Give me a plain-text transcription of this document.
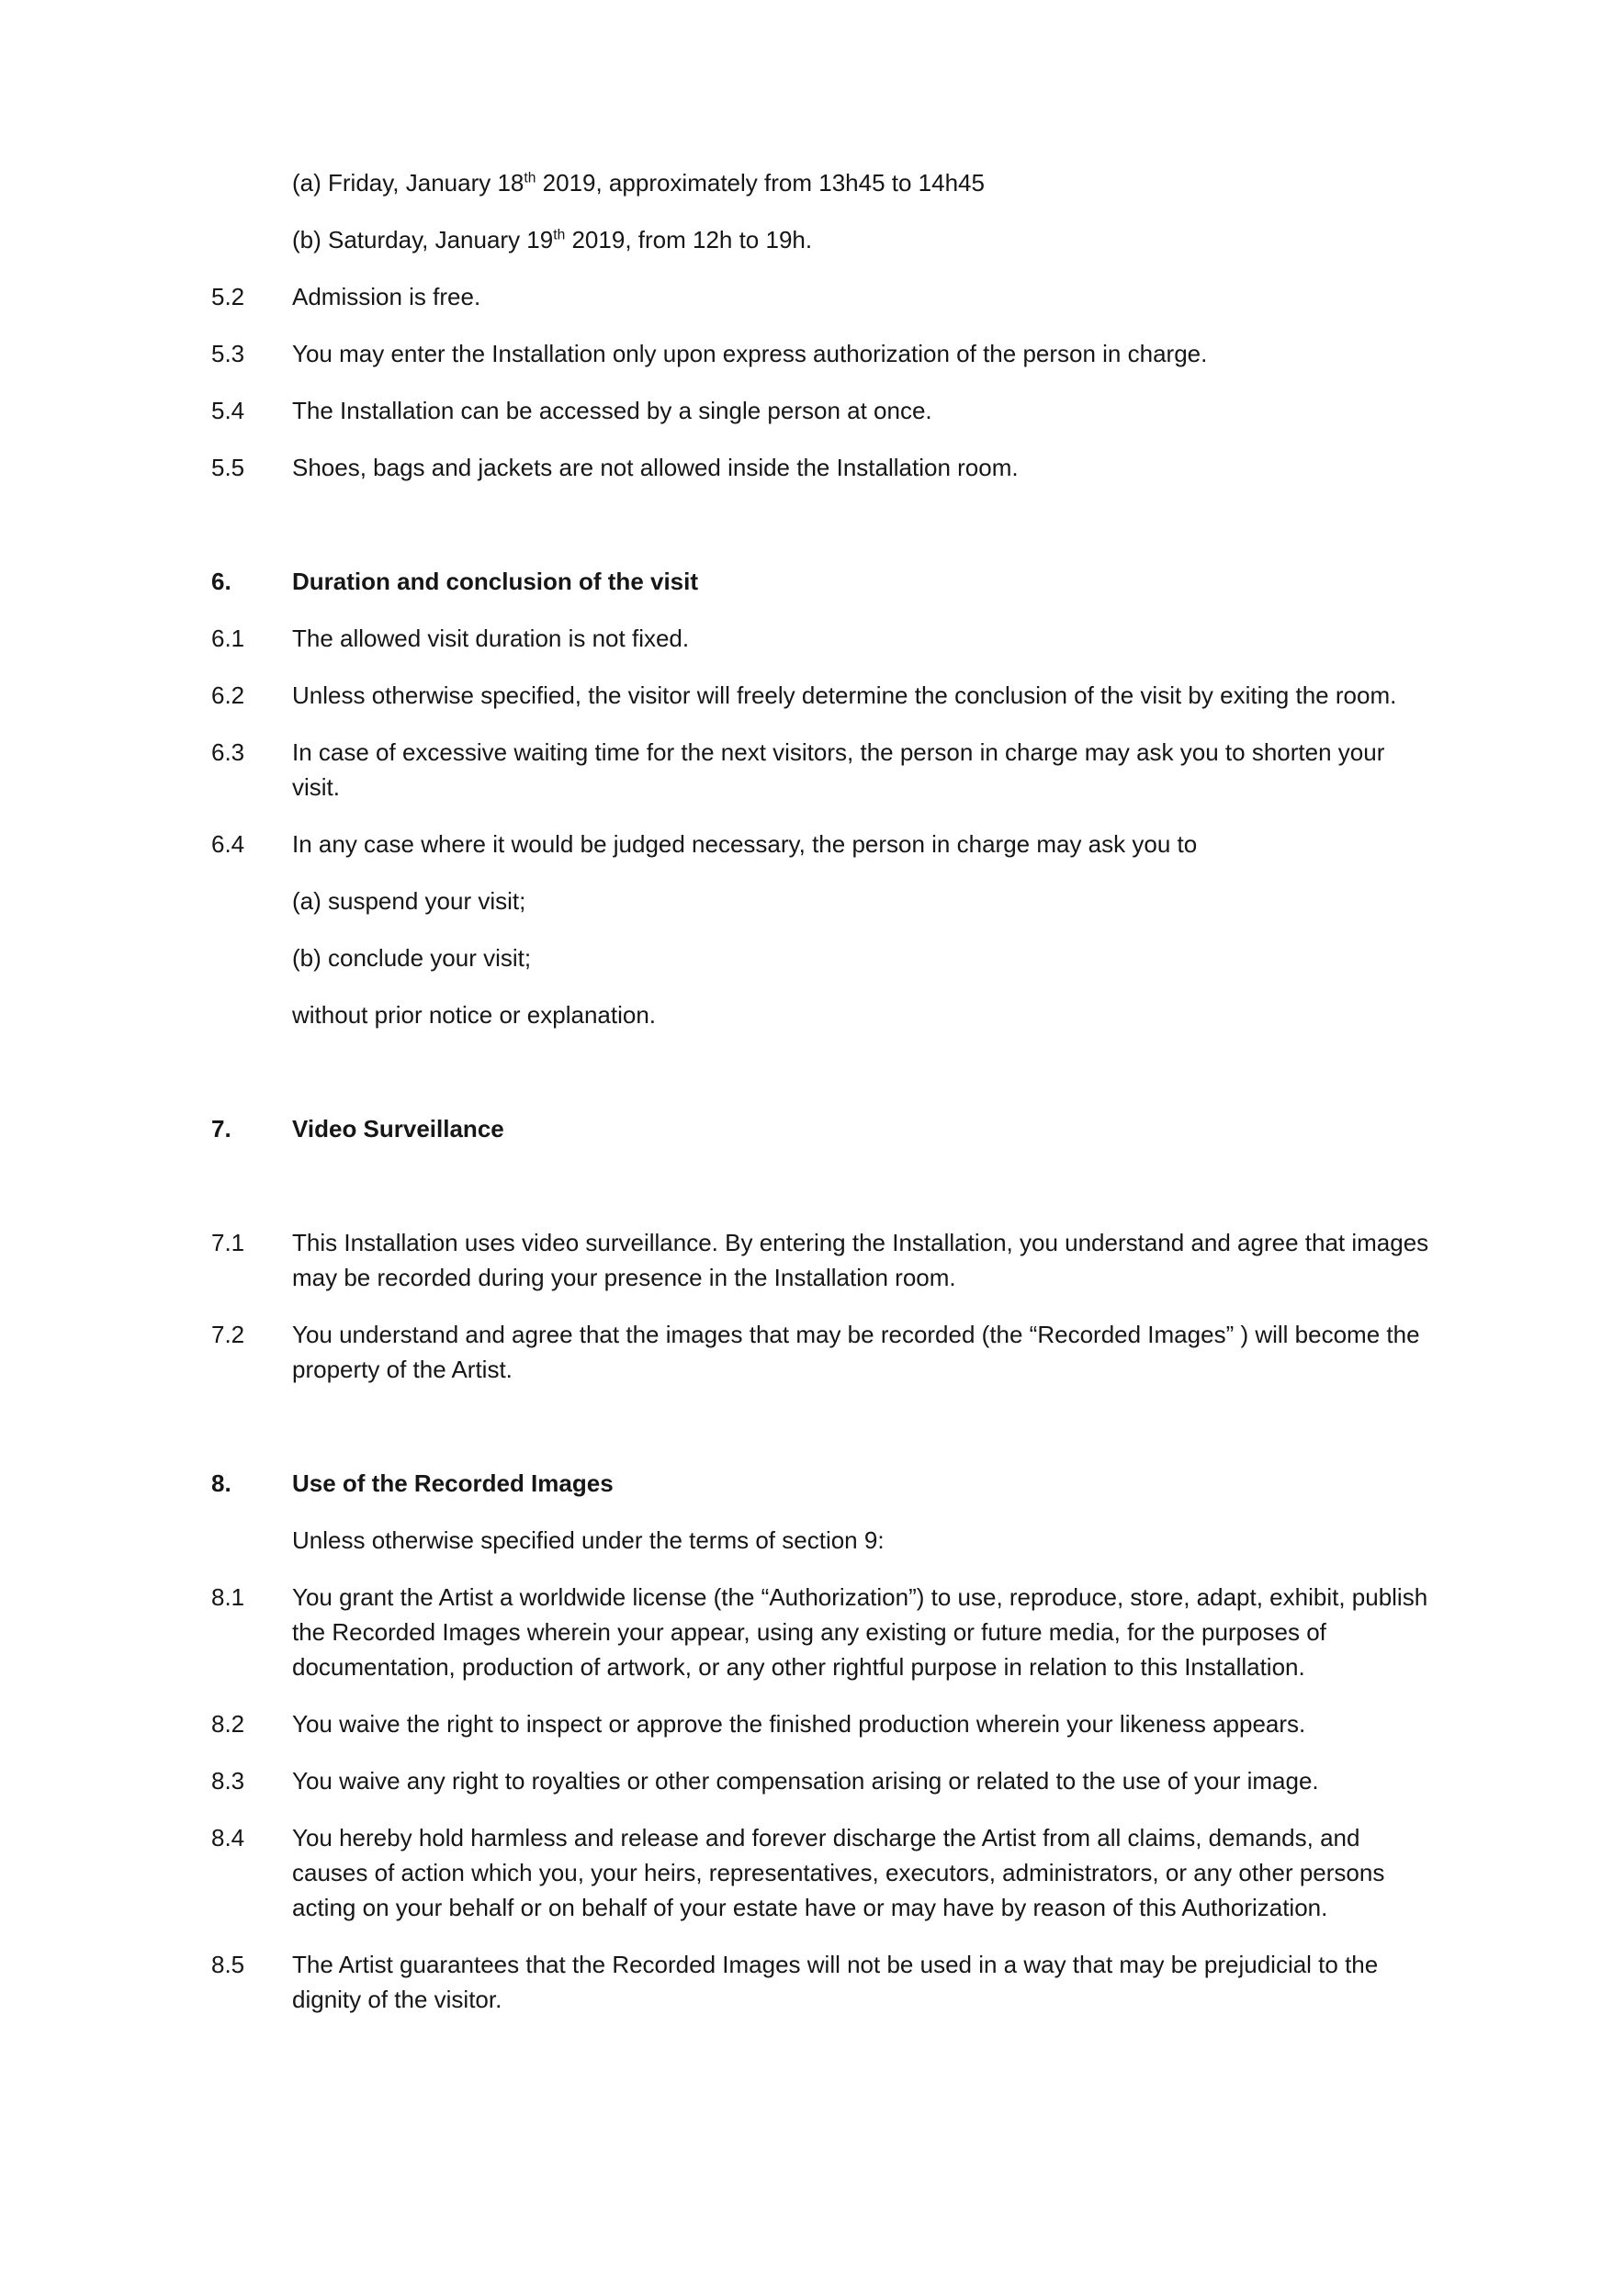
(a) Friday, January 18th 2019, approximately from 13h45 to 14h45
(b) Saturday, January 19th 2019, from 12h to 19h.
5.2	Admission is free.
5.3	You may enter the Installation only upon express authorization of the person in charge.
5.4	The Installation can be accessed by a single person at once.
5.5	Shoes, bags and jackets are not allowed inside the Installation room.
6.	Duration and conclusion of the visit
6.1	The allowed visit duration is not fixed.
6.2	Unless otherwise specified, the visitor will freely determine the conclusion of the visit by exiting the room.
6.3	In case of excessive waiting time for the next visitors, the person in charge may ask you to shorten your visit.
6.4	In any case where it would be judged necessary, the person in charge may ask you to
(a) suspend your visit;
(b) conclude your visit;
without prior notice or explanation.
7.	Video Surveillance
7.1	This Installation uses video surveillance. By entering the Installation, you understand and agree that images may be recorded during your presence in the Installation room.
7.2	You understand and agree that the images that may be recorded (the “Recorded Images” ) will become the property of the Artist.
8.	Use of the Recorded Images
Unless otherwise specified under the terms of section 9:
8.1	You grant the Artist a worldwide license (the “Authorization”) to use, reproduce, store, adapt, exhibit, publish the Recorded Images wherein your appear, using any existing or future media, for the purposes of documentation, production of artwork, or any other rightful purpose in relation to this Installation.
8.2	You waive the right to inspect or approve the finished production wherein your likeness appears.
8.3	You waive any right to royalties or other compensation arising or related to the use of your image.
8.4	You hereby hold harmless and release and forever discharge the Artist from all claims, demands, and causes of action which you, your heirs, representatives, executors, administrators, or any other persons acting on your behalf or on behalf of your estate have or may have by reason of this Authorization.
8.5	The Artist guarantees that the Recorded Images will not be used in a way that may be prejudicial to the dignity of the visitor.
